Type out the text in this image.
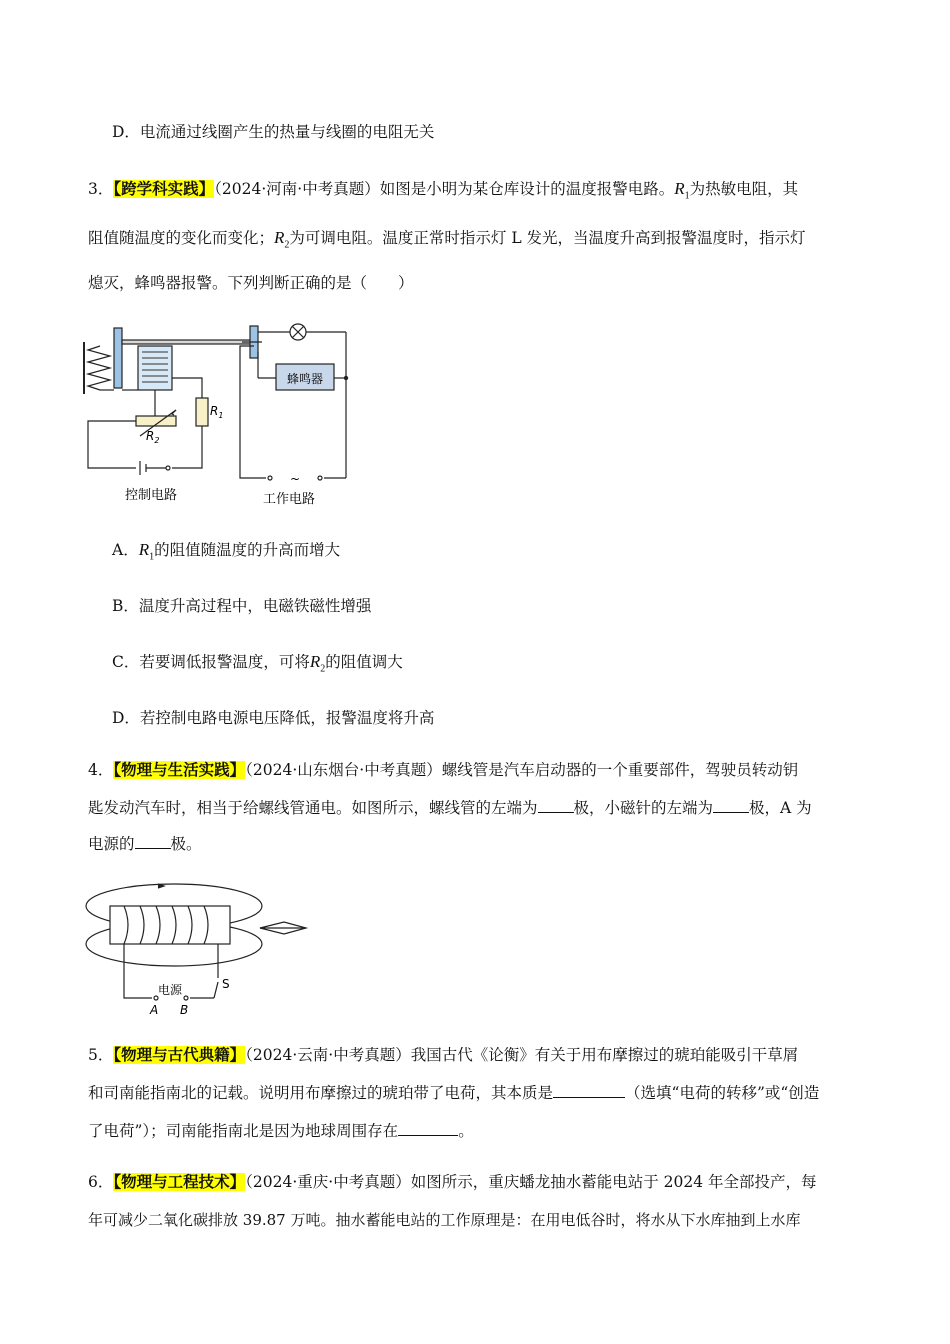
D．电流通过线圈产生的热量与线圈的电阻无关
3．【跨学科实践】（2024·河南·中考真题）如图是小明为某仓库设计的温度报警电路。$R_1$为热敏电阻，其
阻值随温度的变化而变化；$R_2$为可调电阻。温度正常时指示灯 L 发光，当温度升高到报警温度时，指示灯
熄灭，蜂鸣器报警。下列判断正确的是（　　）
蜂鸣器
$R_1$
$R_2$
~
控制电路	工作电路
A．$R_1$的阻值随温度的升高而增大
B．温度升高过程中，电磁铁磁性增强
C．若要调低报警温度，可将$R_2$的阻值调大
D．若控制电路电源电压降低，报警温度将升高
4．【物理与生活实践】（2024·山东烟台·中考真题）螺线管是汽车启动器的一个重要部件，驾驶员转动钥
匙发动汽车时，相当于给螺线管通电。如图所示，螺线管的左端为 极，小磁针的左端为 极，A 为
电源的 极。
电源
A B
S
5．【物理与古代典籍】（2024·云南·中考真题）我国古代《论衡》有关于用布摩擦过的琥珀能吸引干草屑
和司南能指南北的记载。说明用布摩擦过的琥珀带了电荷，其本质是	（选填“电荷的转移”或“创造
了电荷”）；司南能指南北是因为地球周围存在	。
6．【物理与工程技术】（2024·重庆·中考真题）如图所示，重庆蟠龙抽水蓄能电站于 2024 年全部投产，每
年可减少二氧化碳排放 39.87 万吨。抽水蓄能电站的工作原理是：在用电低谷时，将水从下水库抽到上水库
